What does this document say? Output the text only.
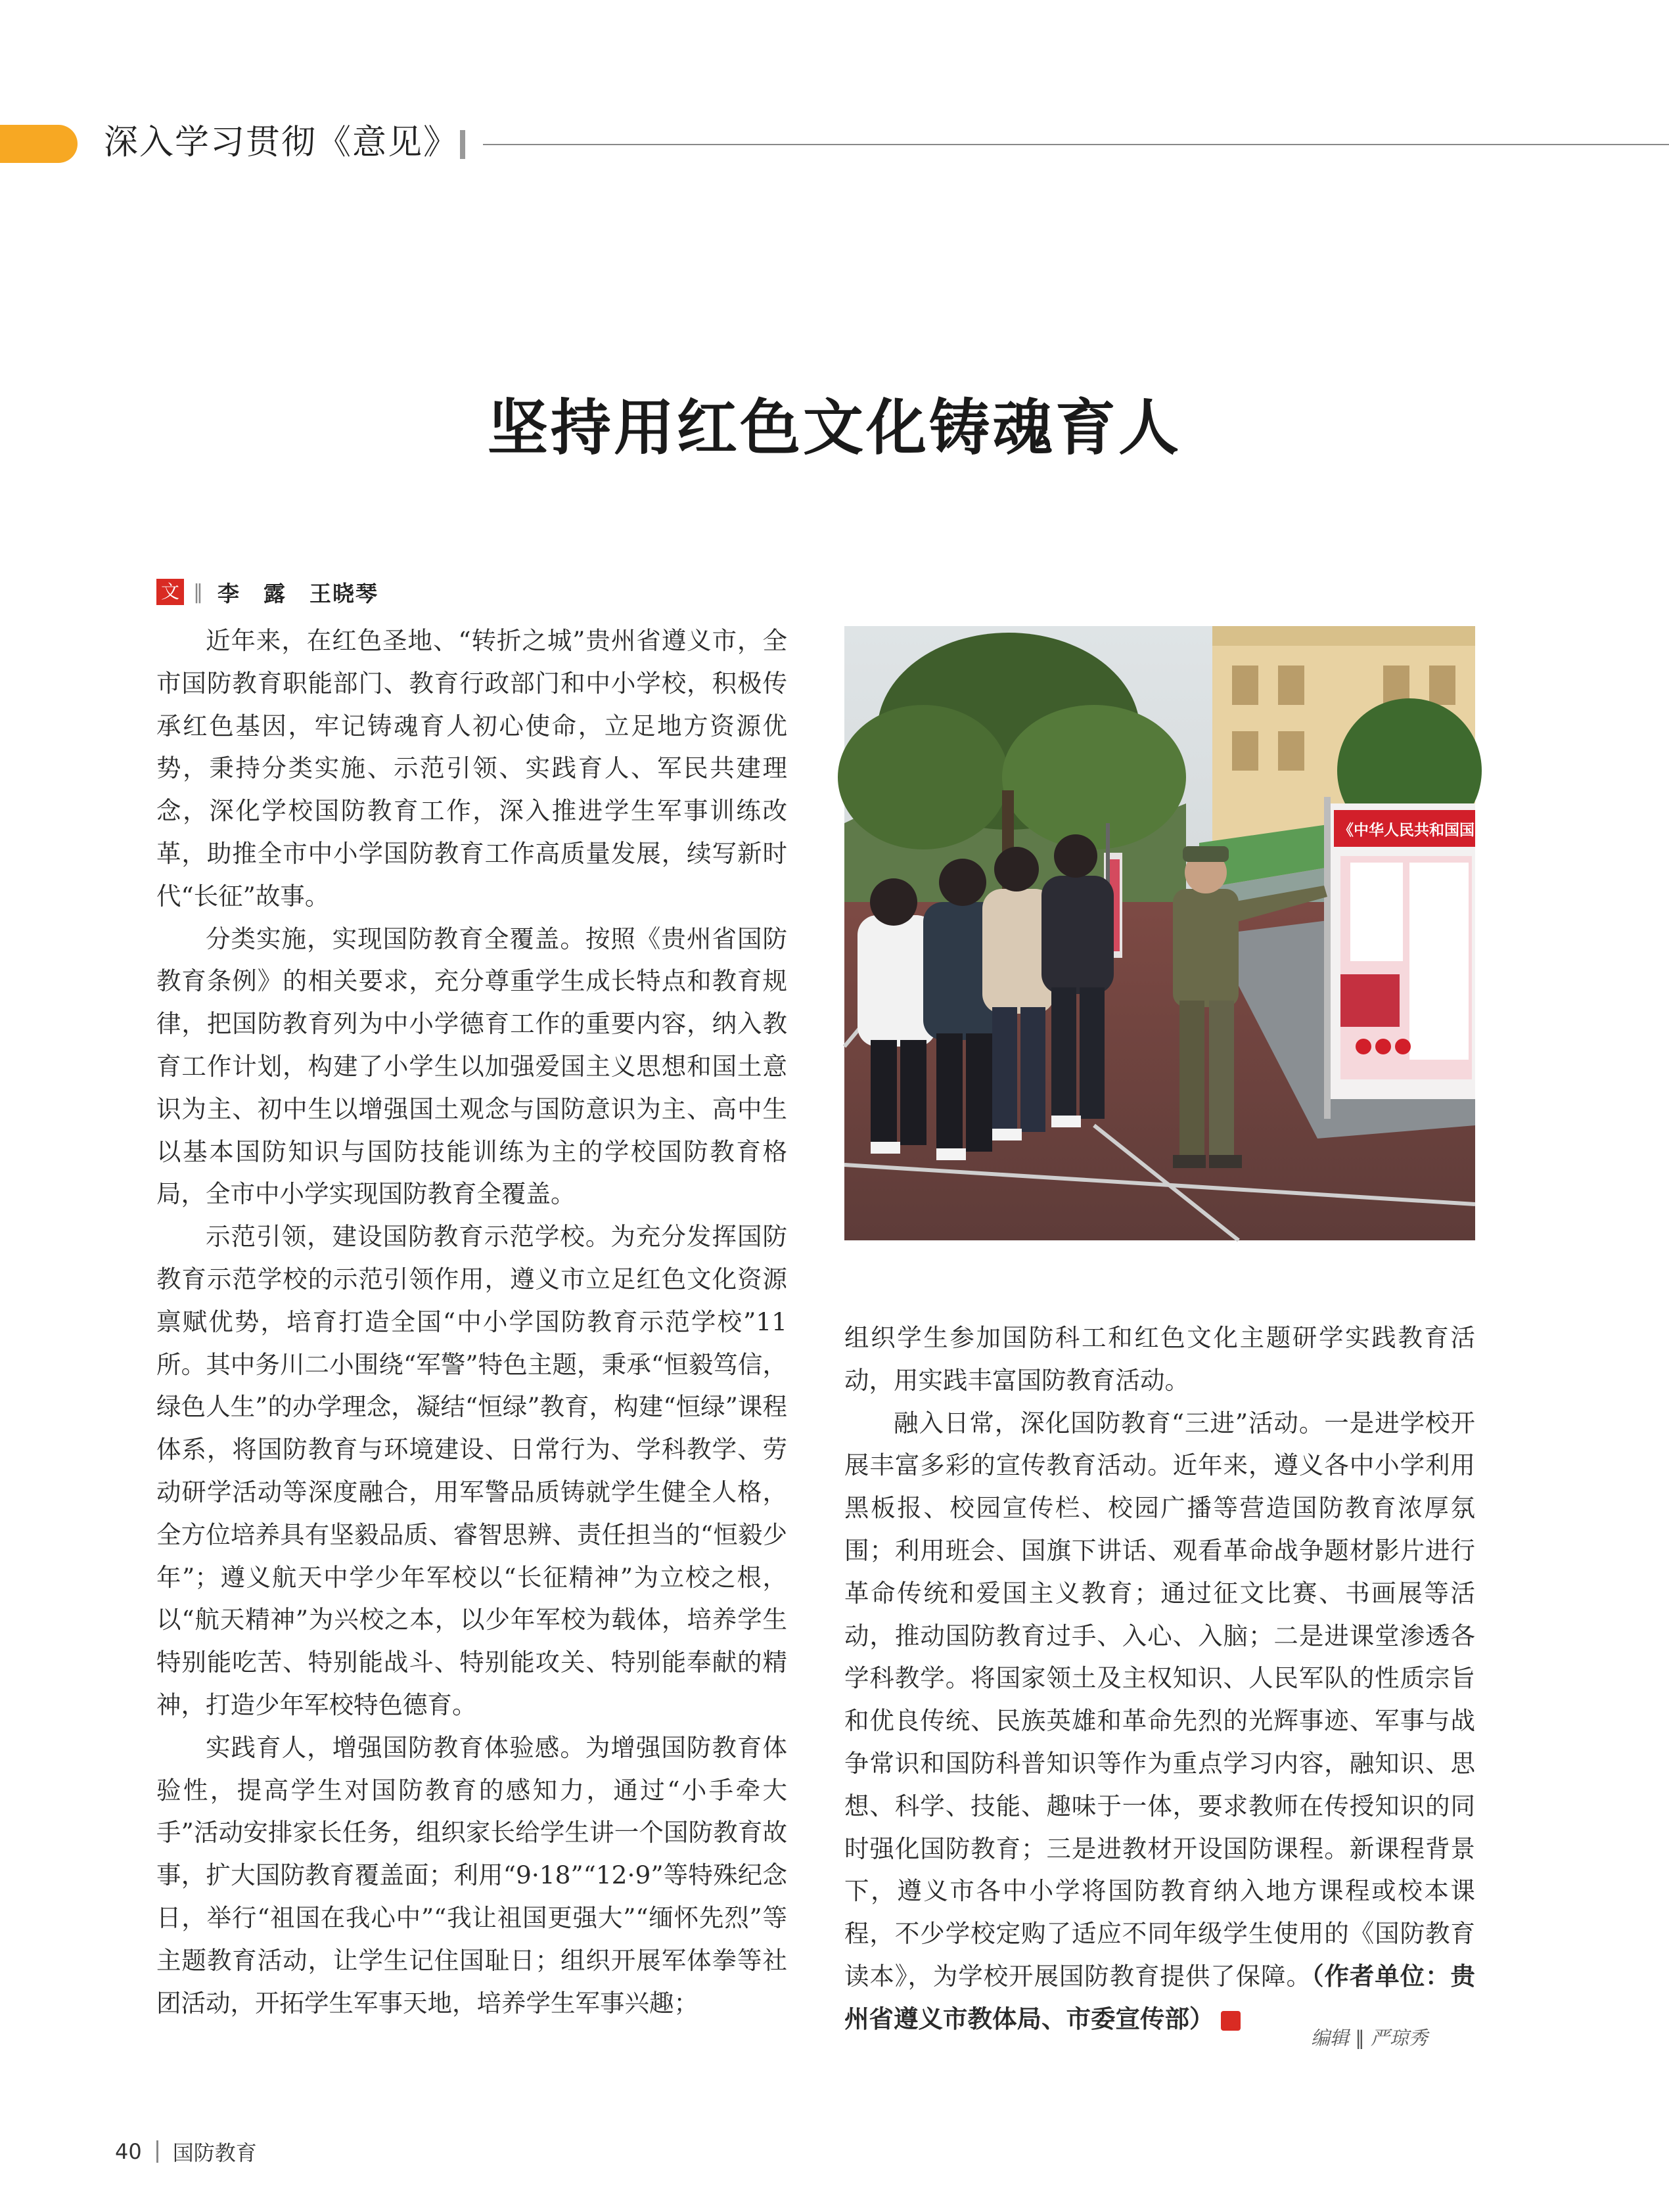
深入学习贯彻《意见》
坚持用红色文化铸魂育人
文 ‖ 李　露　王晓琴

近年来，在红色圣地、“转折之城”贵州省遵义市，全市国防教育职能部门、教育行政部门和中小学校，积极传承红色基因，牢记铸魂育人初心使命，立足地方资源优势，秉持分类实施、示范引领、实践育人、军民共建理念，深化学校国防教育工作，深入推进学生军事训练改革，助推全市中小学国防教育工作高质量发展，续写新时代“长征”故事。

分类实施，实现国防教育全覆盖。按照《贵州省国防教育条例》的相关要求，充分尊重学生成长特点和教育规律，把国防教育列为中小学德育工作的重要内容，纳入教育工作计划，构建了小学生以加强爱国主义思想和国土意识为主、初中生以增强国土观念与国防意识为主、高中生以基本国防知识与国防技能训练为主的学校国防教育格局，全市中小学实现国防教育全覆盖。

示范引领，建设国防教育示范学校。为充分发挥国防教育示范学校的示范引领作用，遵义市立足红色文化资源禀赋优势，培育打造全国“中小学国防教育示范学校”11所。其中务川二小围绕“军警”特色主题，秉承“恒毅笃信，绿色人生”的办学理念，凝结“恒绿”教育，构建“恒绿”课程体系，将国防教育与环境建设、日常行为、学科教学、劳动研学活动等深度融合，用军警品质铸就学生健全人格，全方位培养具有坚毅品质、睿智思辨、责任担当的“恒毅少年”；遵义航天中学少年军校以“长征精神”为立校之根，以“航天精神”为兴校之本，以少年军校为载体，培养学生特别能吃苦、特别能战斗、特别能攻关、特别能奉献的精神，打造少年军校特色德育。

实践育人，增强国防教育体验感。为增强国防教育体验性，提高学生对国防教育的感知力，通过“小手牵大手”活动安排家长任务，组织家长给学生讲一个国防教育故事，扩大国防教育覆盖面；利用“9·18”“12·9”等特殊纪念日，举行“祖国在我心中”“我让祖国更强大”“缅怀先烈”等主题教育活动，让学生记住国耻日；组织开展军体拳等社团活动，开拓学生军事天地，培养学生军事兴趣；

《中华人民共和国国防教

组织学生参加国防科工和红色文化主题研学实践教育活动，用实践丰富国防教育活动。

融入日常，深化国防教育“三进”活动。一是进学校开展丰富多彩的宣传教育活动。近年来，遵义各中小学利用黑板报、校园宣传栏、校园广播等营造国防教育浓厚氛围；利用班会、国旗下讲话、观看革命战争题材影片进行革命传统和爱国主义教育；通过征文比赛、书画展等活动，推动国防教育过手、入心、入脑；二是进课堂渗透各学科教学。将国家领土及主权知识、人民军队的性质宗旨和优良传统、民族英雄和革命先烈的光辉事迹、军事与战争常识和国防科普知识等作为重点学习内容，融知识、思想、科学、技能、趣味于一体，要求教师在传授知识的同时强化国防教育；三是进教材开设国防课程。新课程背景下，遵义市各中小学将国防教育纳入地方课程或校本课程，不少学校定购了适应不同年级学生使用的《国防教育读本》，为学校开展国防教育提供了保障。（作者单位：贵州省遵义市教体局、市委宣传部）	G

编辑 ‖ 严琼秀
40 国防教育
